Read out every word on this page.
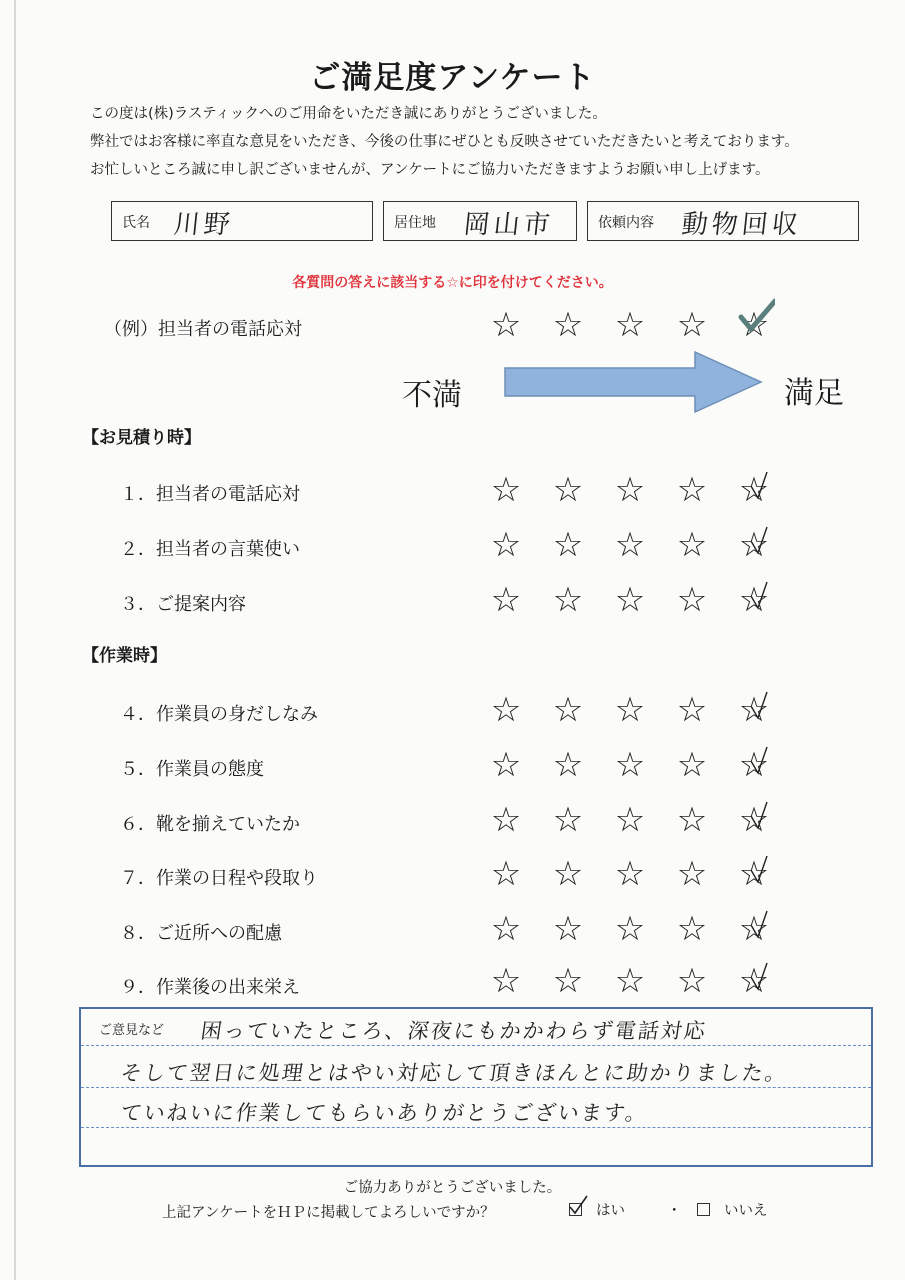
ご満足度アンケート
この度は(株)ラスティックへのご用命をいただき誠にありがとうございました。
弊社ではお客様に率直な意見をいただき、今後の仕事にぜひとも反映させていただきたいと考えております。
お忙しいところ誠に申し訳ございませんが、アンケートにご協力いただきますようお願い申し上げます。
氏名 川野	居住地 岡山市	依頼内容 動物回収
各質問の答えに該当する☆に印を付けてください。
（例）担当者の電話応対	☆ ☆ ☆ ☆ ☆
不満	満足
【お見積り時】
１．担当者の電話応対	☆ ☆ ☆ ☆ ☆
２．担当者の言葉使い	☆ ☆ ☆ ☆ ☆
３．ご提案内容	☆ ☆ ☆ ☆ ☆
【作業時】
４．作業員の身だしなみ	☆ ☆ ☆ ☆ ☆
５．作業員の態度	☆ ☆ ☆ ☆ ☆
６．靴を揃えていたか	☆ ☆ ☆ ☆ ☆
７．作業の日程や段取り	☆ ☆ ☆ ☆ ☆
８．ご近所への配慮	☆ ☆ ☆ ☆ ☆
９．作業後の出来栄え	☆ ☆ ☆ ☆ ☆
ご意見など 困っていたところ、深夜にもかかわらず電話対応
そして翌日に処理とはやい対応して頂きほんとに助かりました。
ていねいに作業してもらいありがとうございます。
ご協力ありがとうございました。
上記アンケートをＨＰに掲載してよろしいですか？	はい	・	いいえ
